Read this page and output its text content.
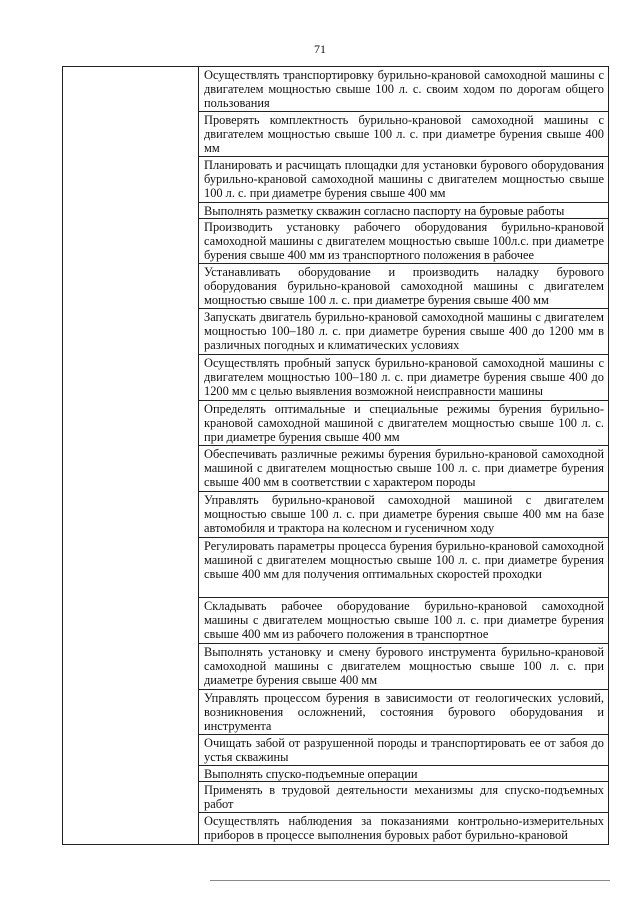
71

Осуществлять транспортировку бурильно-крановой самоходной машины с двигателем мощностью свыше 100 л. с. своим ходом по дорогам общего пользования

Проверять комплектность бурильно-крановой самоходной машины с двигателем мощностью свыше 100 л. с. при диаметре бурения свыше 400 мм

Планировать и расчищать площадки для установки бурового оборудования бурильно-крановой самоходной машины с двигателем мощностью свыше 100 л. с. при диаметре бурения свыше 400 мм

Выполнять разметку скважин согласно паспорту на буровые работы

Производить установку рабочего оборудования бурильно-крановой самоходной машины с двигателем мощностью свыше 100л.с. при диаметре бурения свыше 400 мм из транспортного положения в рабочее

Устанавливать оборудование и производить наладку бурового оборудования бурильно-крановой самоходной машины с двигателем мощностью свыше 100 л. с. при диаметре бурения свыше 400 мм

Запускать двигатель бурильно-крановой самоходной машины с двигателем мощностью 100–180 л. с. при диаметре бурения свыше 400 до 1200 мм в различных погодных и климатических условиях

Осуществлять пробный запуск бурильно-крановой самоходной машины с двигателем мощностью 100–180 л. с. при диаметре бурения свыше 400 до 1200 мм с целью выявления возможной неисправности машины

Определять оптимальные и специальные режимы бурения бурильно-крановой самоходной машиной с двигателем мощностью свыше 100 л. с. при диаметре бурения свыше 400 мм

Обеспечивать различные режимы бурения бурильно-крановой самоходной машиной с двигателем мощностью свыше 100 л. с. при диаметре бурения свыше 400 мм в соответствии с характером породы

Управлять бурильно-крановой самоходной машиной с двигателем мощностью свыше 100 л. с. при диаметре бурения свыше 400 мм на базе автомобиля и трактора на колесном и гусеничном ходу

Регулировать параметры процесса бурения бурильно-крановой самоходной машиной с двигателем мощностью свыше 100 л. с. при диаметре бурения свыше 400 мм для получения оптимальных скоростей проходки

Складывать рабочее оборудование бурильно-крановой самоходной машины с двигателем мощностью свыше 100 л. с. при диаметре бурения свыше 400 мм из рабочего положения в транспортное

Выполнять установку и смену бурового инструмента бурильно-крановой самоходной машины с двигателем мощностью свыше 100 л. с. при диаметре бурения свыше 400 мм

Управлять процессом бурения в зависимости от геологических условий, возникновения осложнений, состояния бурового оборудования и инструмента

Очищать забой от разрушенной породы и транспортировать ее от забоя до устья скважины

Выполнять спуско-подъемные операции

Применять в трудовой деятельности механизмы для спуско-подъемных работ

Осуществлять наблюдения за показаниями контрольно-измерительных приборов в процессе выполнения буровых работ бурильно-крановой
